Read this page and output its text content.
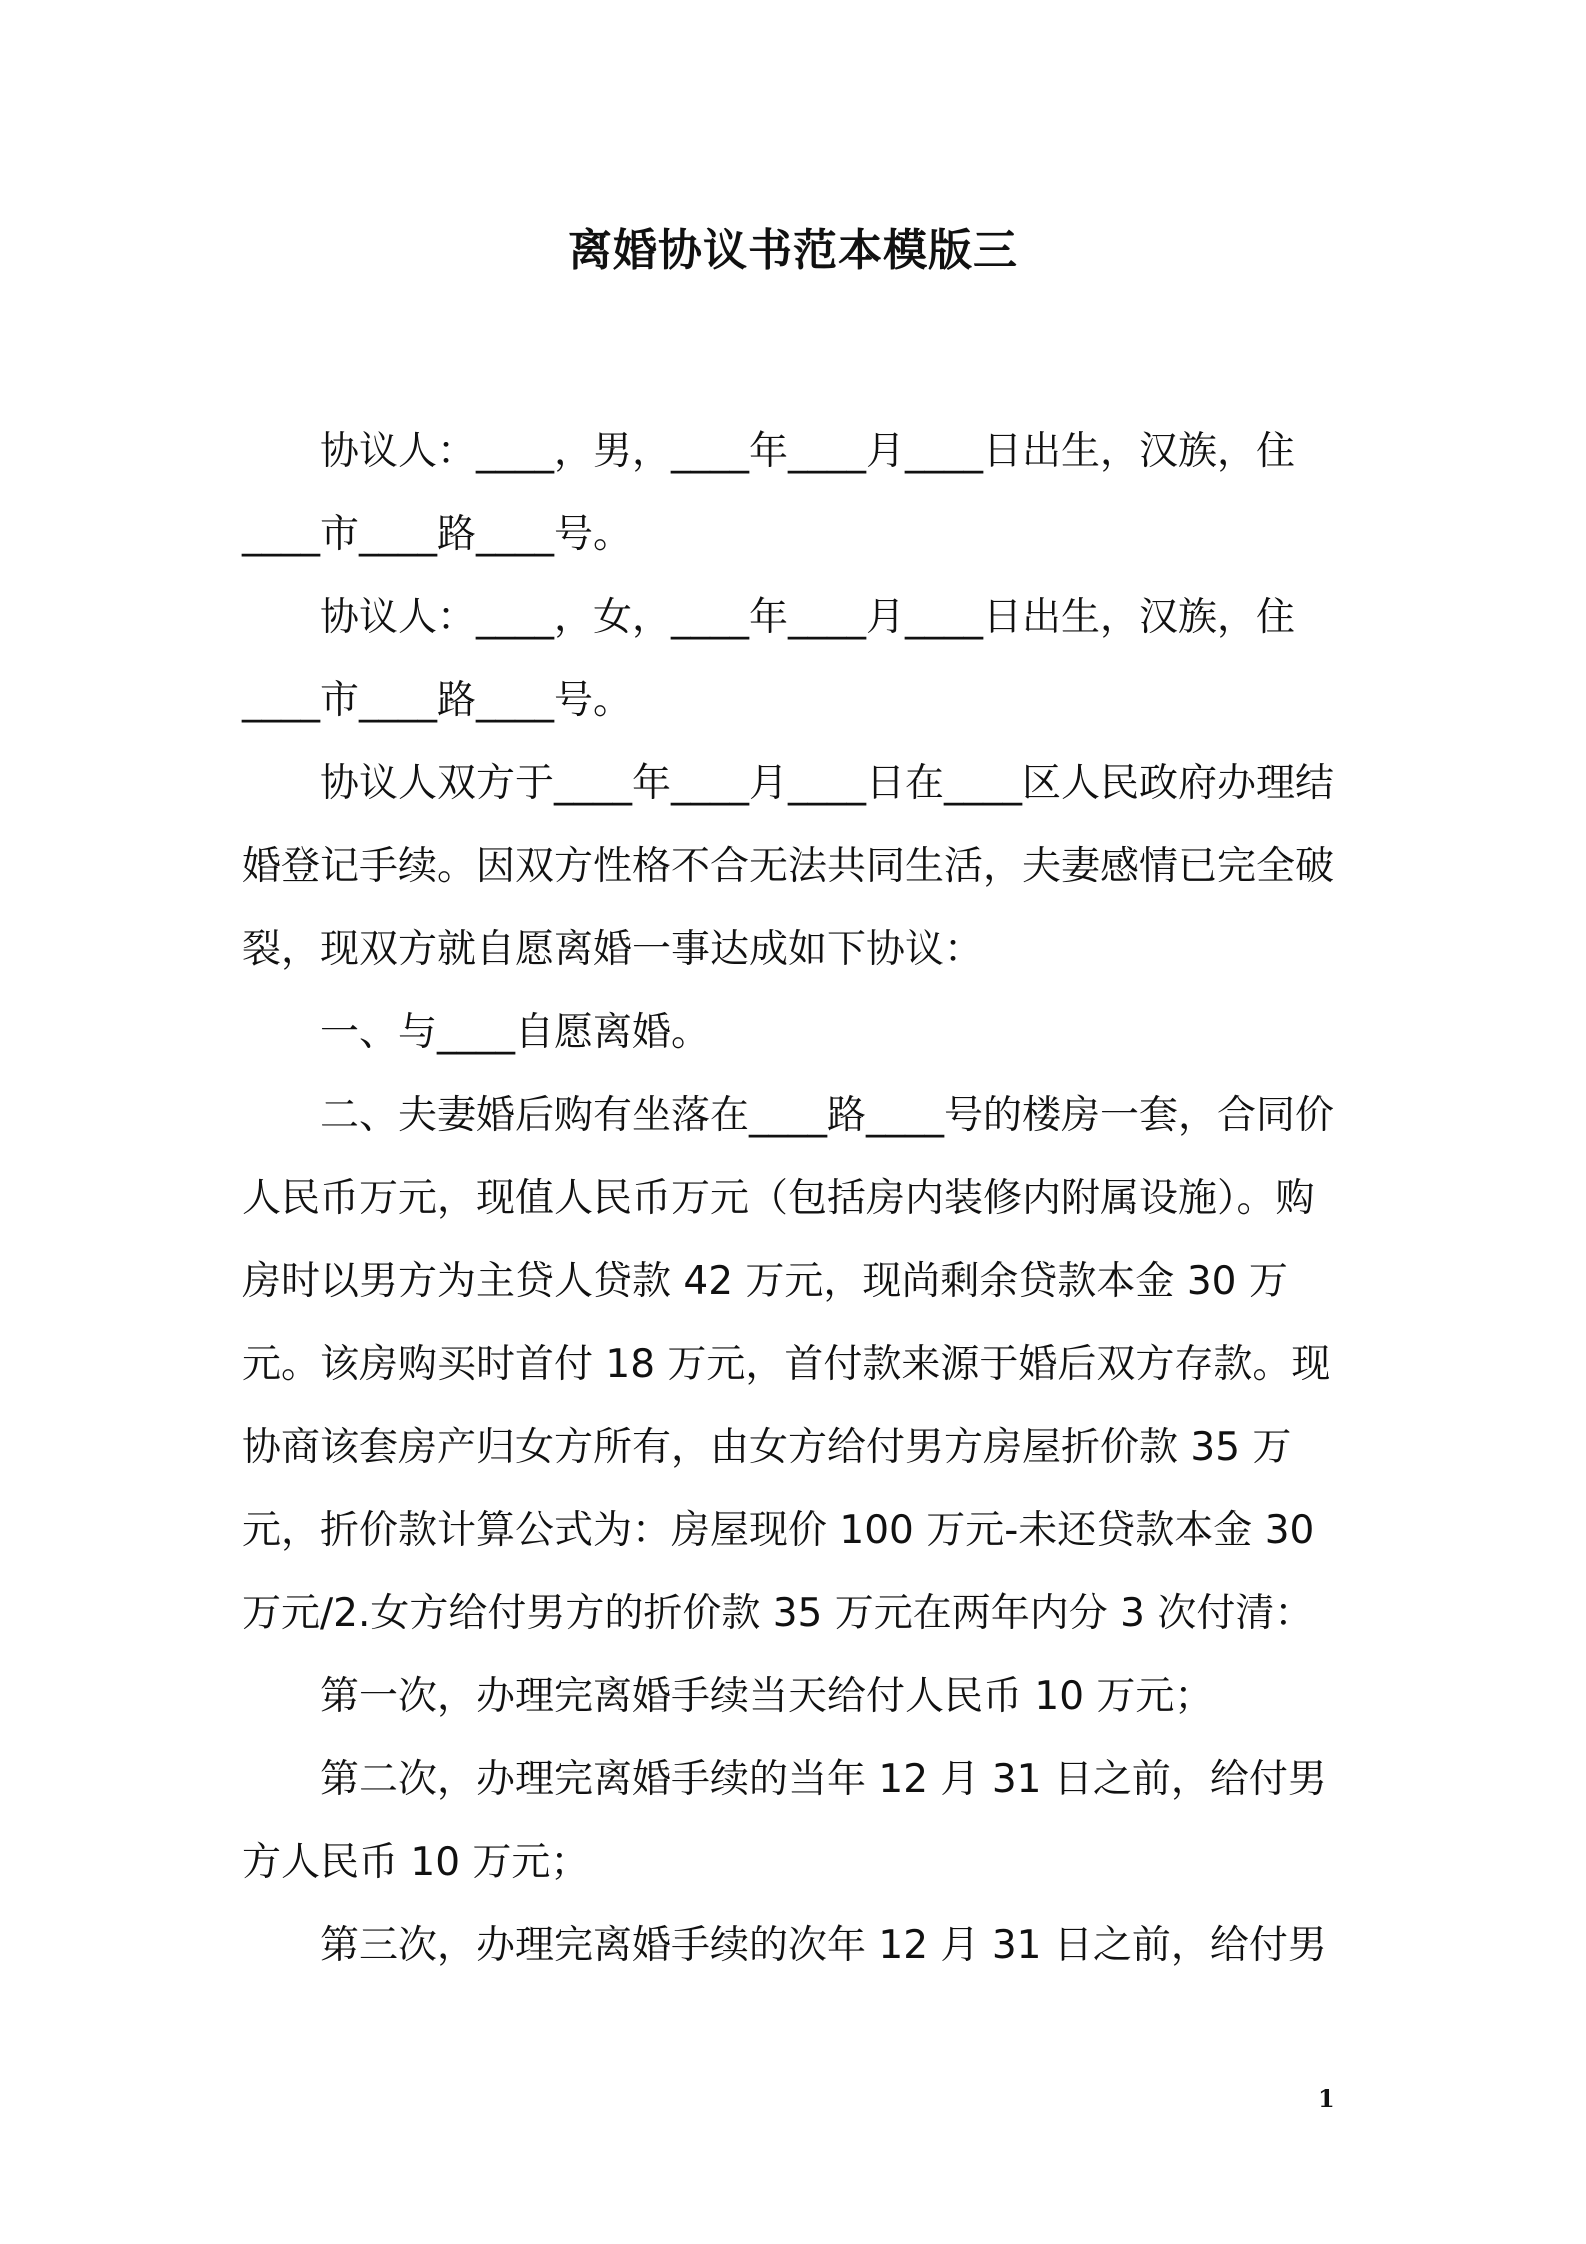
离婚协议书范本模版三

协议人：____，男，____年____月____日出生，汉族，住____市____路____号。

协议人：____，女，____年____月____日出生，汉族，住____市____路____号。

协议人双方于____年____月____日在____区人民政府办理结婚登记手续。因双方性格不合无法共同生活，夫妻感情已完全破裂，现双方就自愿离婚一事达成如下协议：

一、与____自愿离婚。

二、夫妻婚后购有坐落在____路____号的楼房一套，合同价人民币万元，现值人民币万元（包括房内装修内附属设施）。购房时以男方为主贷人贷款 42 万元，现尚剩余贷款本金 30 万元。该房购买时首付 18 万元，首付款来源于婚后双方存款。现协商该套房产归女方所有，由女方给付男方房屋折价款 35 万元，折价款计算公式为：房屋现价 100 万元-未还贷款本金 30 万元/2.女方给付男方的折价款 35 万元在两年内分 3 次付清：

第一次，办理完离婚手续当天给付人民币 10 万元；

第二次，办理完离婚手续的当年 12 月 31 日之前，给付男方人民币 10 万元；

第三次，办理完离婚手续的次年 12 月 31 日之前，给付男

1
